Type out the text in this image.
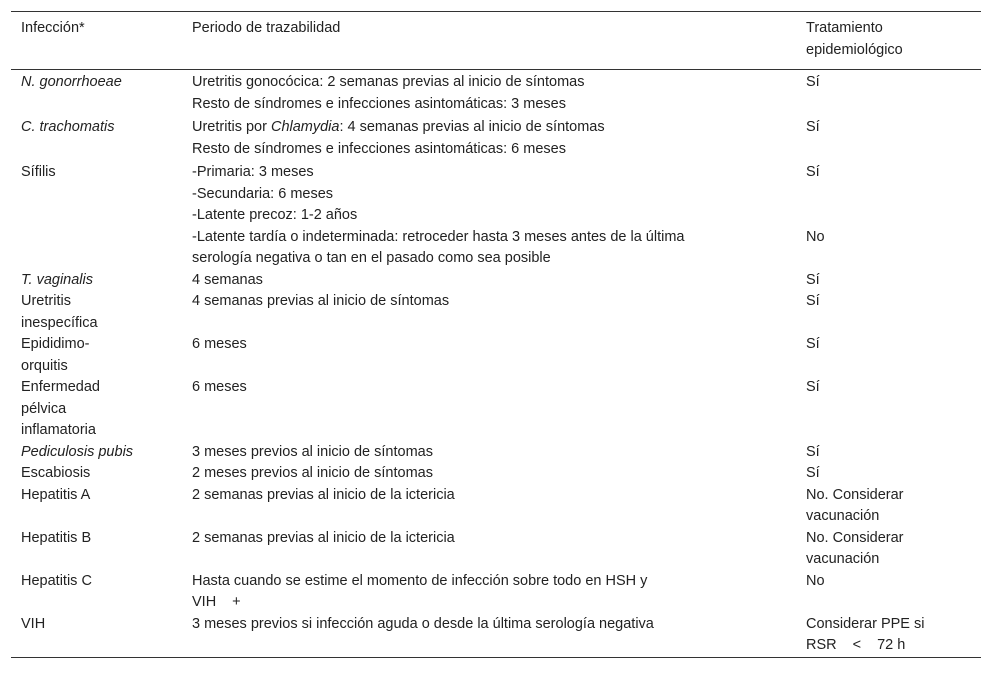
Infección*	Periodo de trazabilidad	Tratamiento
epidemiológico

N. gonorrhoeae	Uretritis gonocócica: 2 semanas previas al inicio de síntomas
Resto de síndromes e infecciones asintomáticas: 3 meses	Sí
C. trachomatis	Uretritis por Chlamydia: 4 semanas previas al inicio de síntomas
Resto de síndromes e infecciones asintomáticas: 6 meses	Sí
Sífilis	-Primaria: 3 meses
-Secundaria: 6 meses
-Latente precoz: 1-2 años	Sí

	-Latente tardía o indeterminada: retroceder hasta 3 meses antes de la última
serología negativa o tan en el pasado como sea posible	No
T. vaginalis	4 semanas	Sí

Uretritis
inespecífica	4 semanas previas al inicio de síntomas	Sí

Epididimo-
orquitis	6 meses	Sí

Enfermedad
pélvica
inflamatoria	6 meses	Sí
Pediculosis pubis	3 meses previos al inicio de síntomas	Sí
Escabiosis	2 meses previos al inicio de síntomas	Sí
Hepatitis A	2 semanas previas al inicio de la ictericia	No. Considerar
vacunación

Hepatitis B	2 semanas previas al inicio de la ictericia	No. Considerar
vacunación

Hepatitis C	Hasta cuando se estime el momento de infección sobre todo en HSH y
VIH +	No
VIH	3 meses previos si infección aguda o desde la última serología negativa	Considerar PPE si
RSR < 72 h
